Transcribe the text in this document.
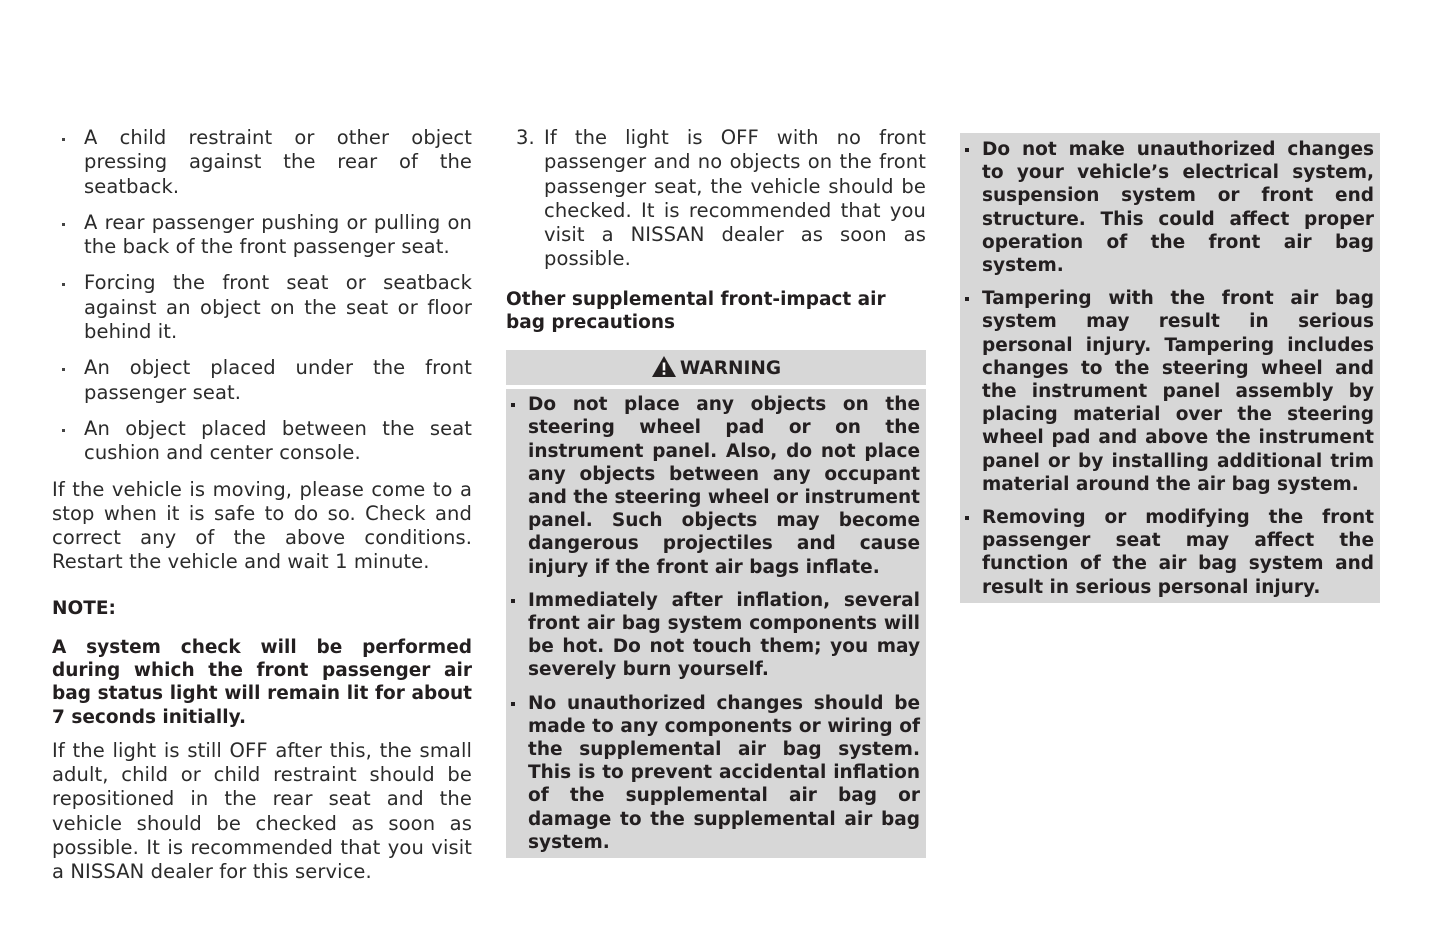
A child restraint or other object pressing against the rear of the seatback.
A rear passenger pushing or pulling on the back of the front passenger seat.
Forcing the front seat or seatback against an object on the seat or floor behind it.
An object placed under the front passenger seat.
An object placed between the seat cushion and center console.

If the vehicle is moving, please come to a stop when it is safe to do so. Check and correct any of the above conditions. Restart the vehicle and wait 1 minute.

NOTE:

A system check will be performed during which the front passenger air bag status light will remain lit for about 7 seconds initially.

If the light is still OFF after this, the small adult, child or child restraint should be repositioned in the rear seat and the vehicle should be checked as soon as possible. It is recommended that you visit a NISSAN dealer for this service.

3. If the light is OFF with no front passenger and no objects on the front passenger seat, the vehicle should be checked. It is recommended that you visit a NISSAN dealer as soon as possible.

Other supplemental front-impact air bag precautions

WARNING
Do not place any objects on the steering wheel pad or on the instrument panel. Also, do not place any objects between any occupant and the steering wheel or instrument panel. Such objects may become dangerous projectiles and cause injury if the front air bags inflate.
Immediately after inflation, several front air bag system components will be hot. Do not touch them; you may severely burn yourself.
No unauthorized changes should be made to any components or wiring of the supplemental air bag system. This is to prevent accidental inflation of the supplemental air bag or damage to the supplemental air bag system.
Do not make unauthorized changes to your vehicle’s electrical system, suspension system or front end structure. This could affect proper operation of the front air bag system.
Tampering with the front air bag system may result in serious personal injury. Tampering includes changes to the steering wheel and the instrument panel assembly by placing material over the steering wheel pad and above the instrument panel or by installing additional trim material around the air bag system.
Removing or modifying the front passenger seat may affect the function of the air bag system and result in serious personal injury.
